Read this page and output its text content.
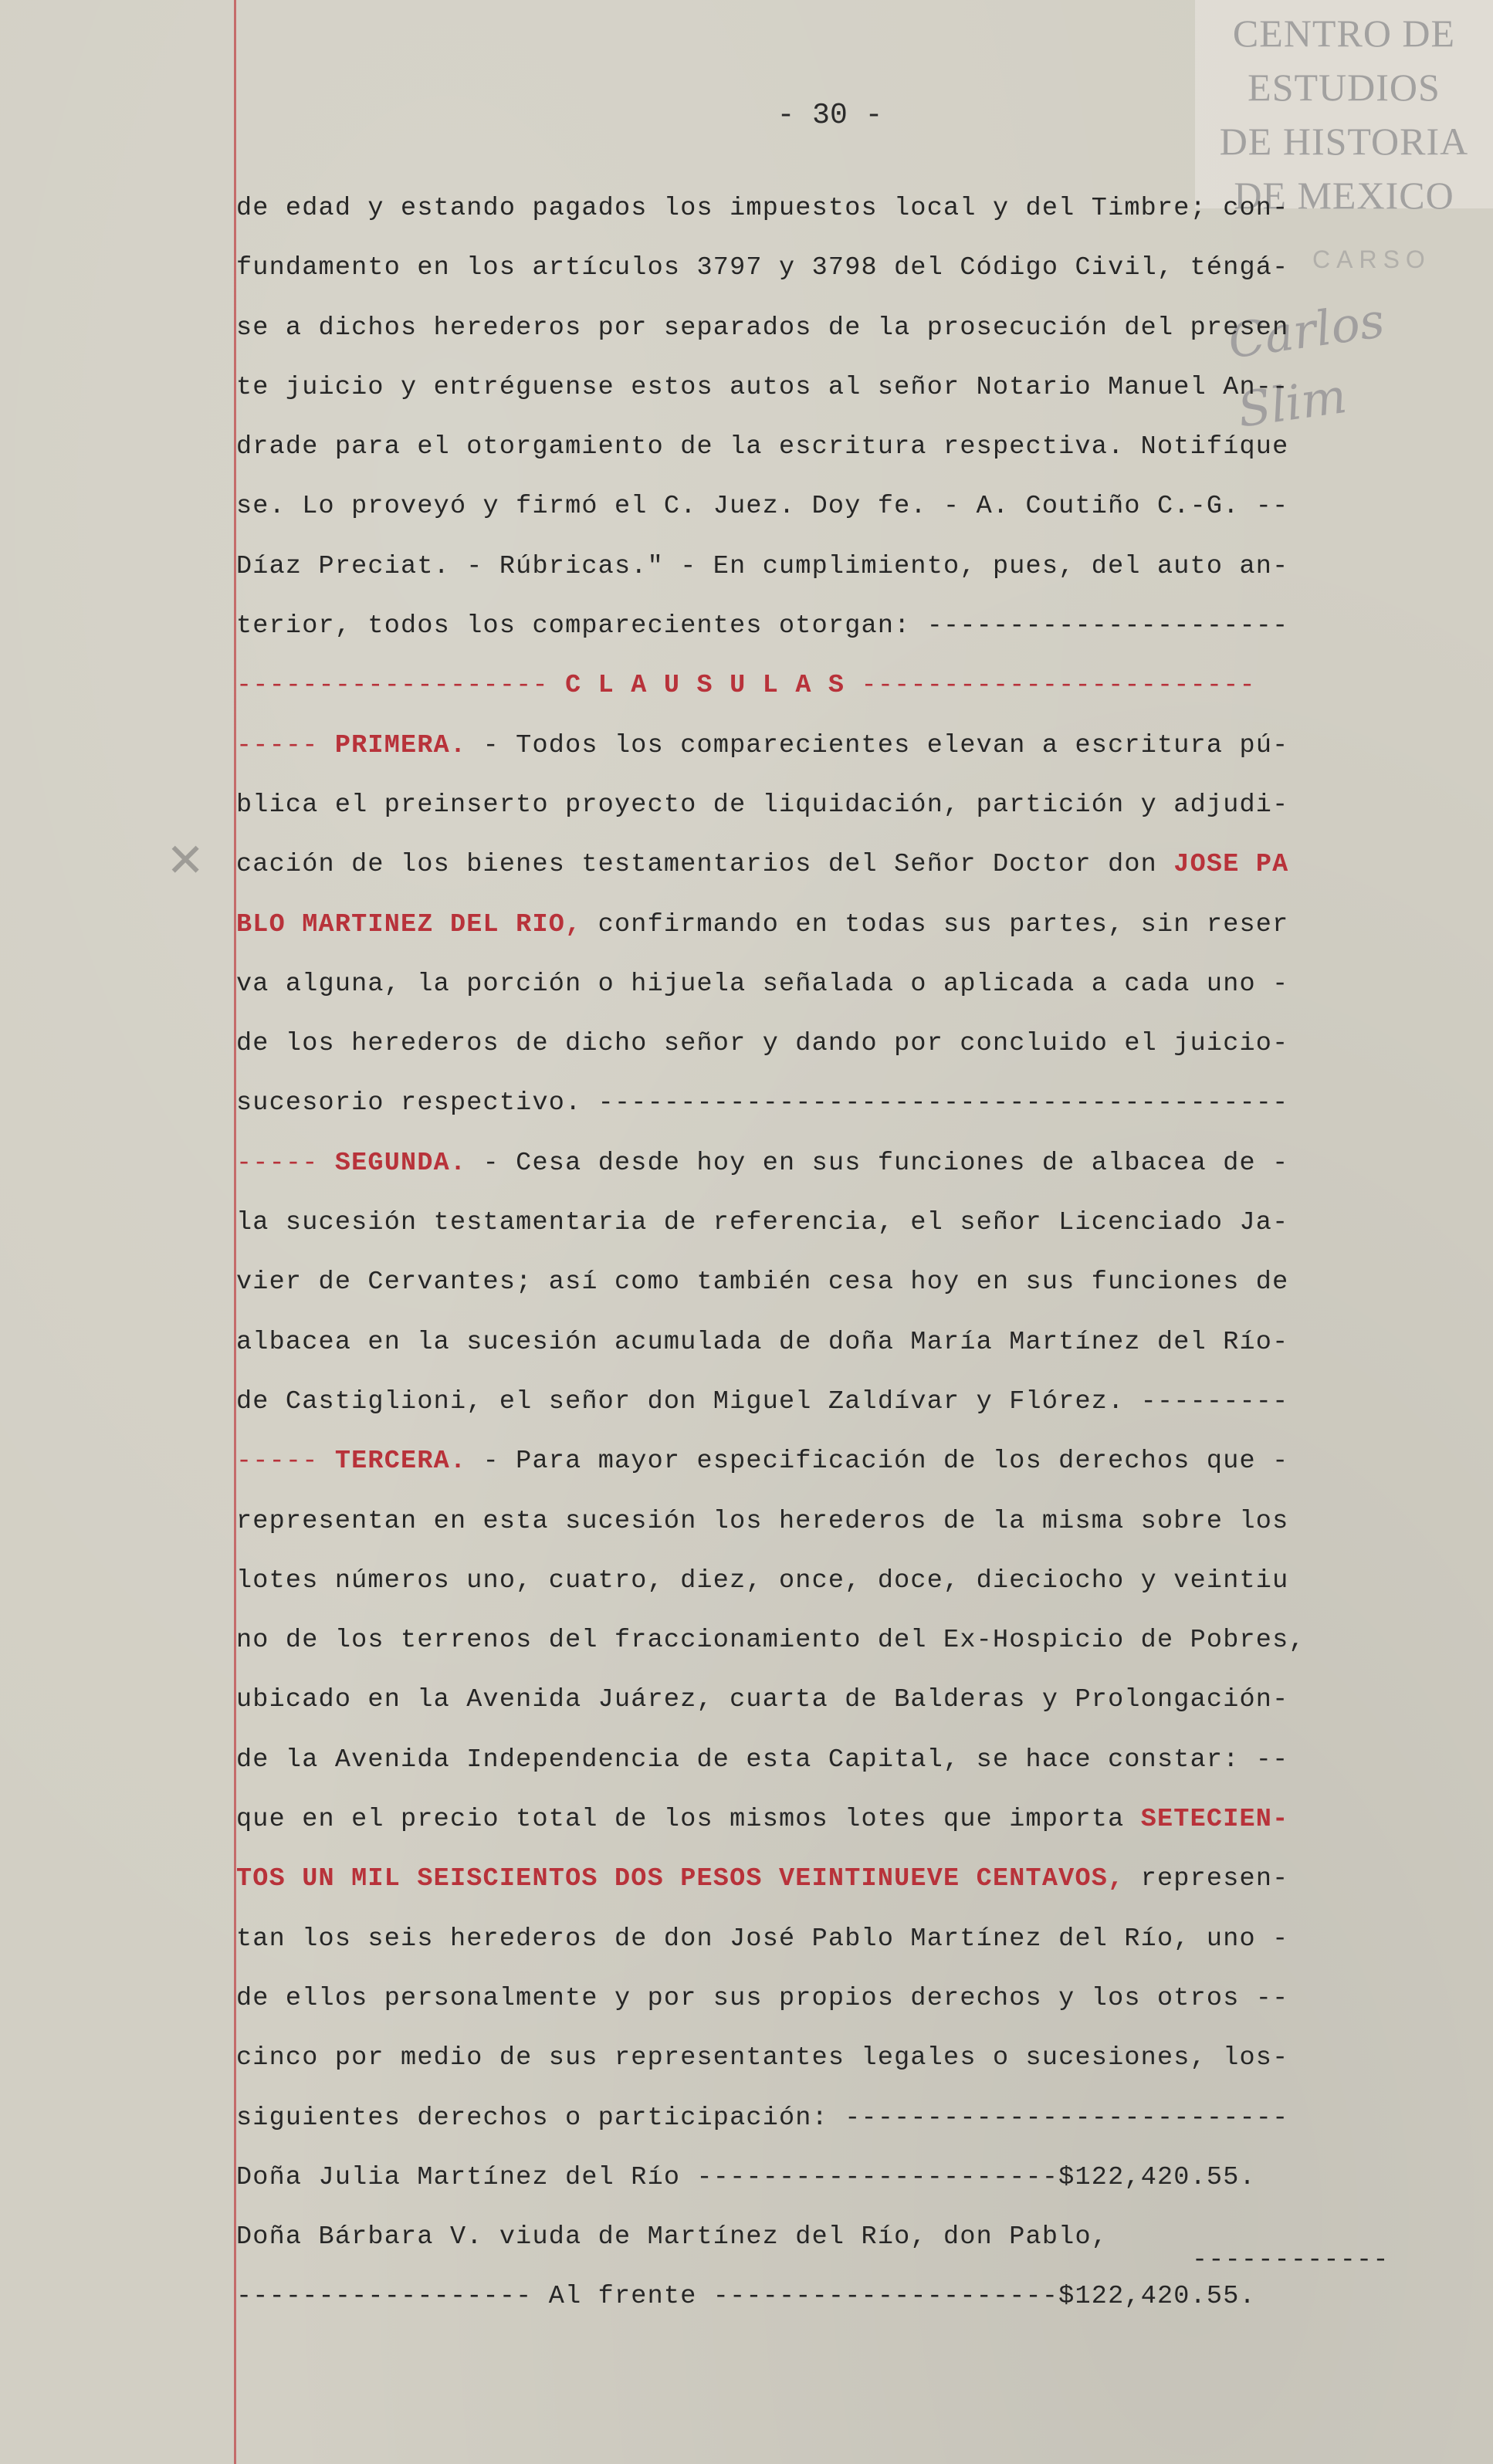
CENTRO DE
ESTUDIOS
DE HISTORIA
DE MEXICO
CARSO
Carlos Slim
✕
- 30 -
de edad y estando pagados los impuestos local y del Timbre; con-
fundamento en los artículos 3797 y 3798 del Código Civil, téngá-
se a dichos herederos por separados de la prosecución del presen
te juicio y entréguense estos autos al señor Notario Manuel An--
drade para el otorgamiento de la escritura respectiva. Notifíque
se. Lo proveyó y firmó el C. Juez. Doy fe. - A. Coutiño C.-G. --
Díaz Preciat. - Rúbricas." - En cumplimiento, pues, del auto an-
terior, todos los comparecientes otorgan: ----------------------
------------------- C L A U S U L A S ------------------------
----- PRIMERA. - Todos los comparecientes elevan a escritura pú-
blica el preinserto proyecto de liquidación, partición y adjudi-
cación de los bienes testamentarios del Señor Doctor don JOSE PA
BLO MARTINEZ DEL RIO, confirmando en todas sus partes, sin reser
va alguna, la porción o hijuela señalada o aplicada a cada uno -
de los herederos de dicho señor y dando por concluido el juicio-
sucesorio respectivo. ------------------------------------------
----- SEGUNDA. - Cesa desde hoy en sus funciones de albacea de -
la sucesión testamentaria de referencia, el señor Licenciado Ja-
vier de Cervantes; así como también cesa hoy en sus funciones de
albacea en la sucesión acumulada de doña María Martínez del Río-
de Castiglioni, el señor don Miguel Zaldívar y Flórez. ---------
----- TERCERA. - Para mayor especificación de los derechos que -
representan en esta sucesión los herederos de la misma sobre los
lotes números uno, cuatro, diez, once, doce, dieciocho y veintiu
no de los terrenos del fraccionamiento del Ex-Hospicio de Pobres,
ubicado en la Avenida Juárez, cuarta de Balderas y Prolongación-
de la Avenida Independencia de esta Capital, se hace constar: --
que en el precio total de los mismos lotes que importa SETECIEN-
TOS UN MIL SEISCIENTOS DOS PESOS VEINTINUEVE CENTAVOS, represen-
tan los seis herederos de don José Pablo Martínez del Río, uno -
de ellos personalmente y por sus propios derechos y los otros --
cinco por medio de sus representantes legales o sucesiones, los-
siguientes derechos o participación: ---------------------------
Doña Julia Martínez del Río ----------------------$122,420.55.
Doña Bárbara V. viuda de Martínez del Río, don Pablo,
------------
------------------ Al frente ---------------------$122,420.55.
